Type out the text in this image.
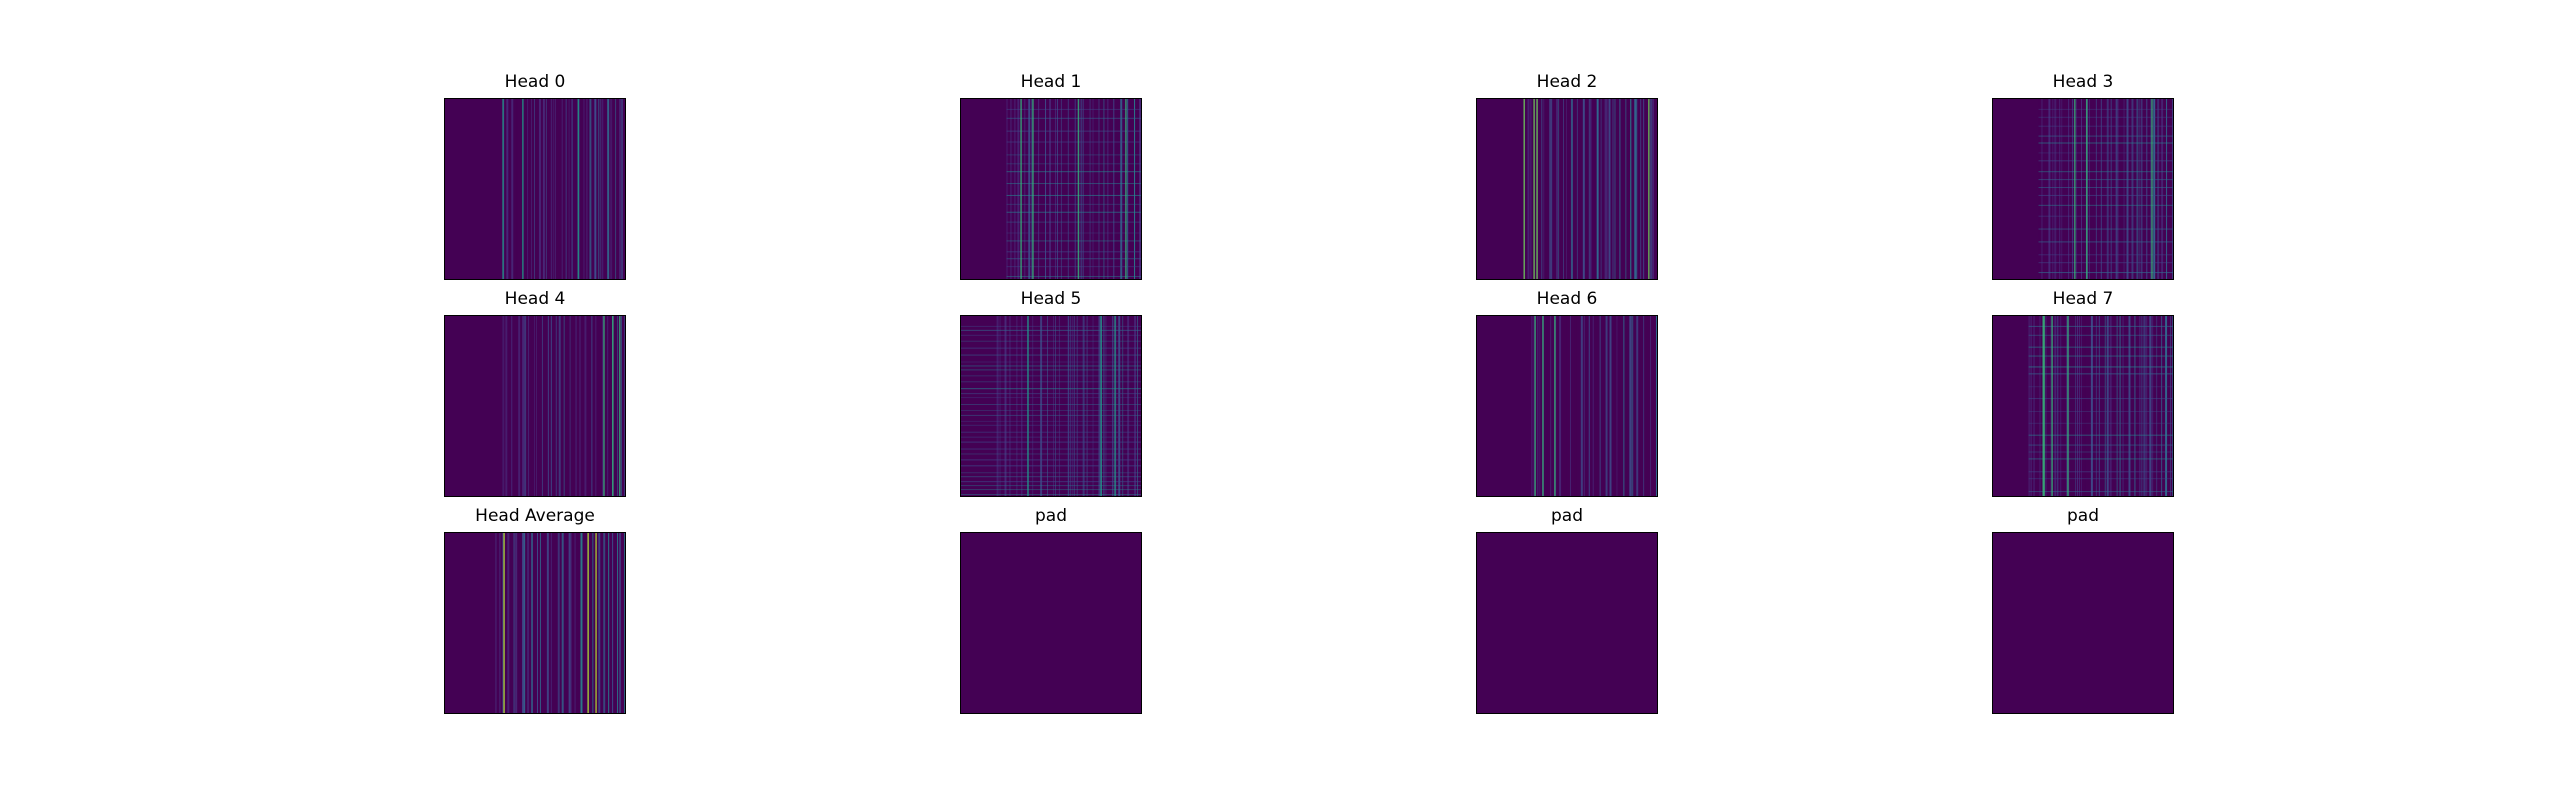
Head 0	Head 1	Head 2	Head 3
Head 4	Head 5	Head 6	Head 7
Head Average	pad	pad	pad
